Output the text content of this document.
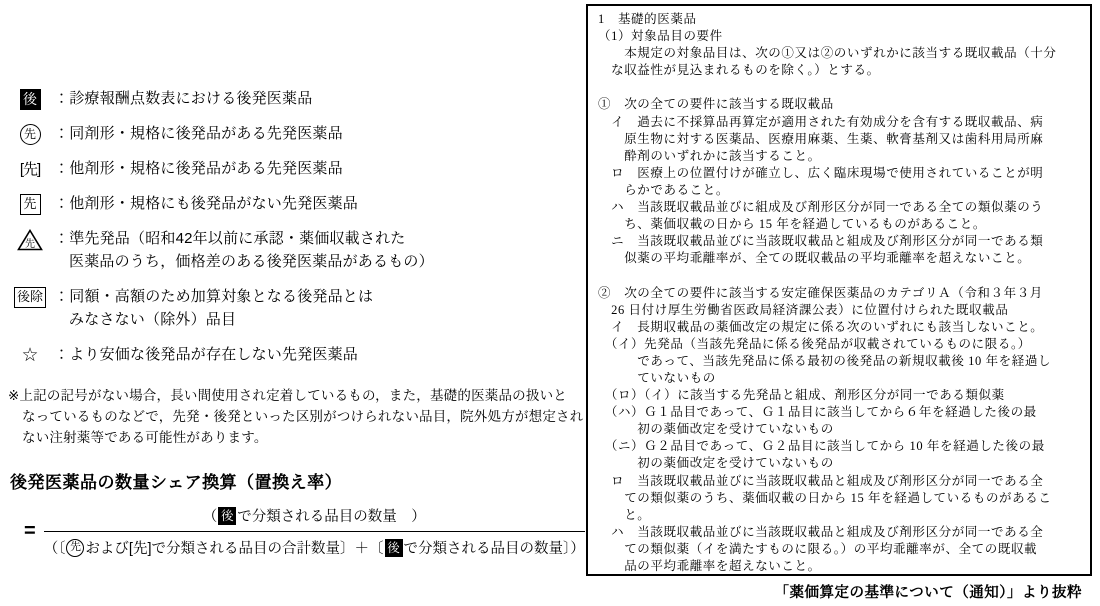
後 ：診療報酬点数表における後発医薬品
先	：同剤形・規格に後発品がある先発医薬品
[先] ：他剤形・規格に後発品がある先発医薬品
先 ：他剤形・規格にも後発品がない先発医薬品
先 ：準先発品（昭和42年以前に承認・薬価収載された
医薬品のうち，価格差のある後発医薬品があるもの）
後除 ：同額・高額のため加算対象となる後発品とは
みなさない（除外）品目
☆ ：より安価な後発品が存在しない先発医薬品
※上記の記号がない場合，長い間使用され定着しているもの，また，基礎的医薬品の扱いと
なっているものなどで，先発・後発といった区別がつけられない品目，院外処方が想定され
ない注射薬等である可能性があります。
後発医薬品の数量シェア換算（置換え率）
=
（ 後 で分類される品目の数量　）
（〔 先 および[先]で分類される品目の合計数量〕＋〔 後 で分類される品目の数量〕）
1　基礎的医薬品
（1）対象品目の要件
　　本規定の対象品目は、次の①又は②のいずれかに該当する既収載品（十分
　な収益性が見込まれるものを除く。）とする。

①　次の全ての要件に該当する既収載品
　イ　過去に不採算品再算定が適用された有効成分を含有する既収載品、病
　　原生物に対する医薬品、医療用麻薬、生薬、軟膏基剤又は歯科用局所麻
　　酔剤のいずれかに該当すること。
　ロ　医療上の位置付けが確立し、広く臨床現場で使用されていることが明
　　らかであること。
　ハ　当該既収載品並びに組成及び剤形区分が同一である全ての類似薬のう
　　ち、薬価収載の日から 15 年を経過しているものがあること。
　ニ　当該既収載品並びに当該既収載品と組成及び剤形区分が同一である類
　　似薬の平均乖離率が、全ての既収載品の平均乖離率を超えないこと。

②　次の全ての要件に該当する安定確保医薬品のカテゴリＡ（令和３年３月
　26 日付け厚生労働省医政局経済課公表）に位置付けられた既収載品
　イ　長期収載品の薬価改定の規定に係る次のいずれにも該当しないこと。
　（イ）先発品（当該先発品に係る後発品が収載されているものに限る。）
　　　であって、当該先発品に係る最初の後発品の新規収載後 10 年を経過し
　　　ていないもの
　（ロ）（イ）に該当する先発品と組成、剤形区分が同一である類似薬
　（ハ）Ｇ１品目であって、Ｇ１品目に該当してから６年を経過した後の最
　　　初の薬価改定を受けていないもの
　（ニ）Ｇ２品目であって、Ｇ２品目に該当してから 10 年を経過した後の最
　　　初の薬価改定を受けていないもの
　ロ　当該既収載品並びに当該既収載品と組成及び剤形区分が同一である全
　　ての類似薬のうち、薬価収載の日から 15 年を経過しているものがあるこ
　　と。
　ハ　当該既収載品並びに当該既収載品と組成及び剤形区分が同一である全
　　ての類似薬（イを満たすものに限る。）の平均乖離率が、全ての既収載
　　品の平均乖離率を超えないこと。
「薬価算定の基準について（通知）」より抜粋
